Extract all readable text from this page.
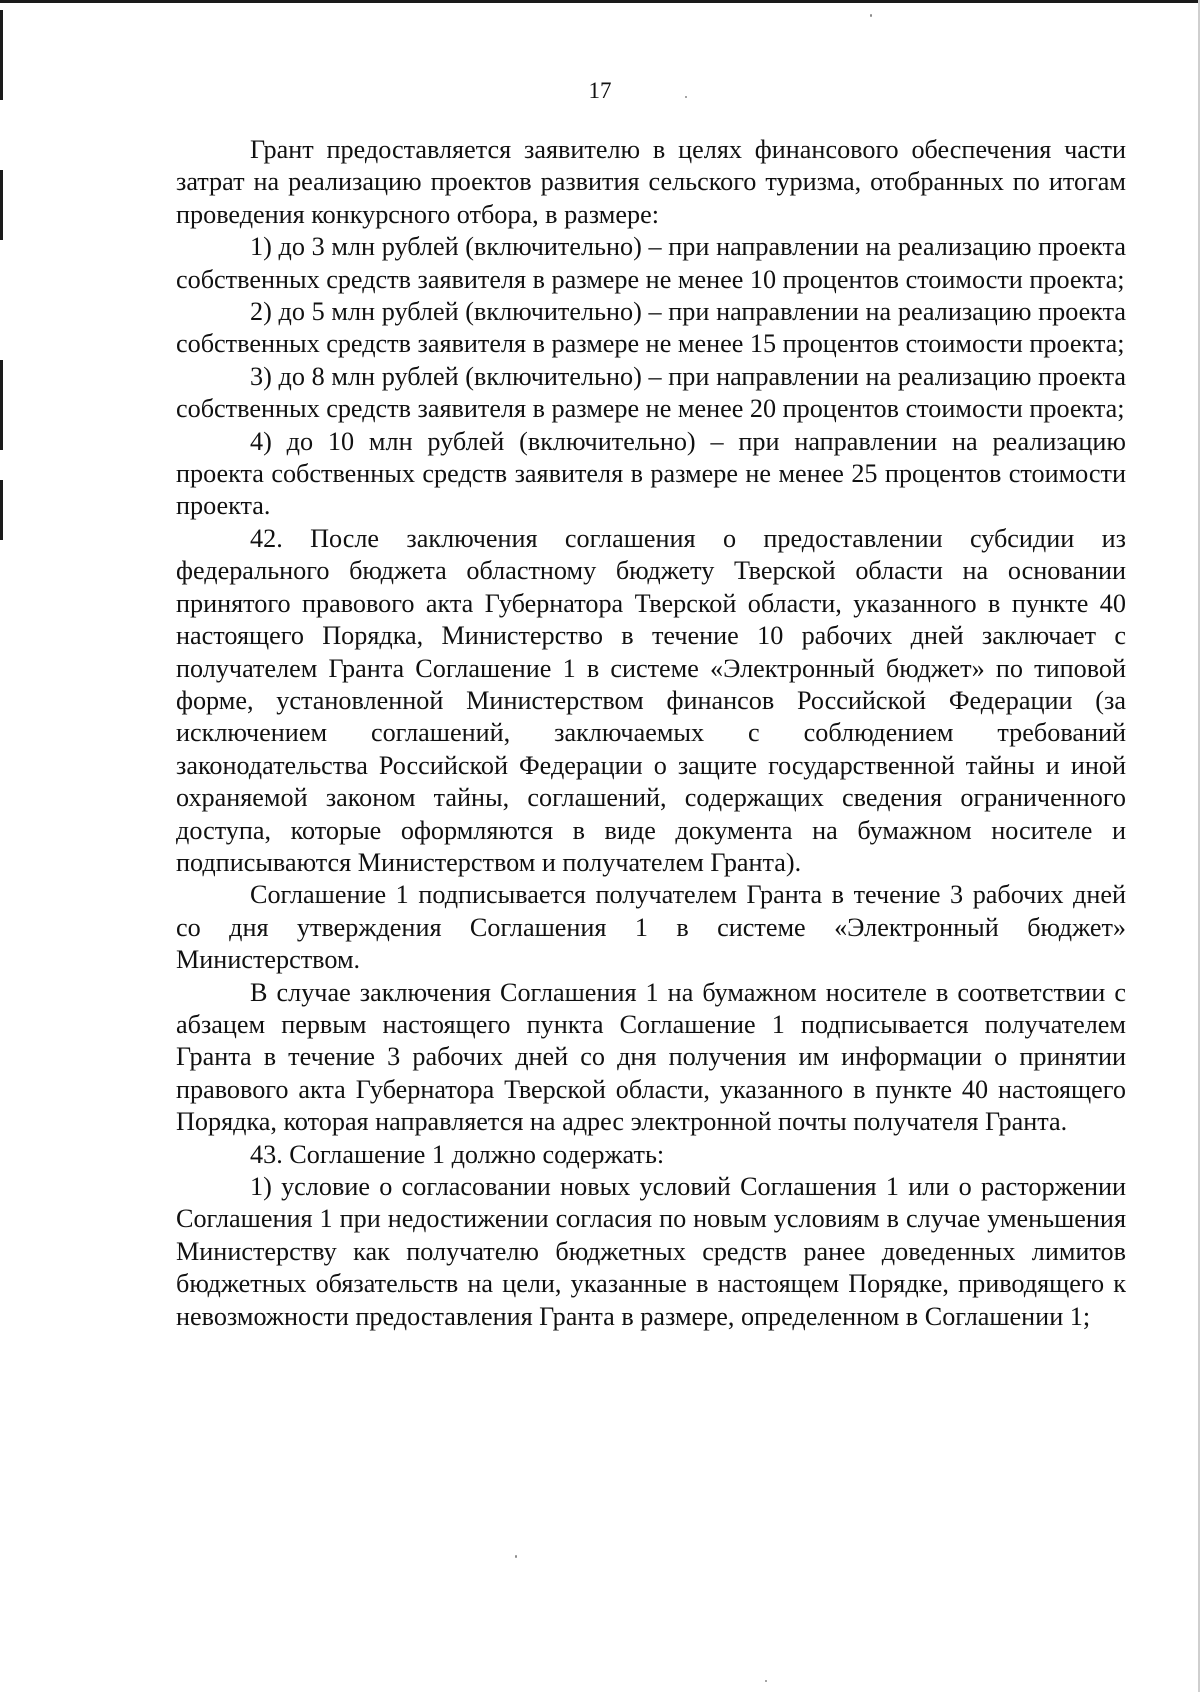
17

Грант предоставляется заявителю в целях финансового обеспечения части затрат на реализацию проектов развития сельского туризма, отобранных по итогам проведения конкурсного отбора, в размере:

1) до 3 млн рублей (включительно) – при направлении на реализацию проекта собственных средств заявителя в размере не менее 10 процентов стоимости проекта;

2) до 5 млн рублей (включительно) – при направлении на реализацию проекта собственных средств заявителя в размере не менее 15 процентов стоимости проекта;

3) до 8 млн рублей (включительно) – при направлении на реализацию проекта собственных средств заявителя в размере не менее 20 процентов стоимости проекта;

4) до 10 млн рублей (включительно) – при направлении на реализацию проекта собственных средств заявителя в размере не менее 25 процентов стоимости проекта.

42. После заключения соглашения о предоставлении субсидии из федерального бюджета областному бюджету Тверской области на основании принятого правового акта Губернатора Тверской области, указанного в пункте 40 настоящего Порядка, Министерство в течение 10 рабочих дней заключает с получателем Гранта Соглашение 1 в системе «Электронный бюджет» по типовой форме, установленной Министерством финансов Российской Федерации (за исключением соглашений, заключаемых с соблюдением требований законодательства Российской Федерации о защите государственной тайны и иной охраняемой законом тайны, соглашений, содержащих сведения ограниченного доступа, которые оформляются в виде документа на бумажном носителе и подписываются Министерством и получателем Гранта).

Соглашение 1 подписывается получателем Гранта в течение 3 рабочих дней со дня утверждения Соглашения 1 в системе «Электронный бюджет» Министерством.

В случае заключения Соглашения 1 на бумажном носителе в соответствии с абзацем первым настоящего пункта Соглашение 1 подписывается получателем Гранта в течение 3 рабочих дней со дня получения им информации о принятии правового акта Губернатора Тверской области, указанного в пункте 40 настоящего Порядка, которая направляется на адрес электронной почты получателя Гранта.

43. Соглашение 1 должно содержать:

1) условие о согласовании новых условий Соглашения 1 или о расторжении Соглашения 1 при недостижении согласия по новым условиям в случае уменьшения Министерству как получателю бюджетных средств ранее доведенных лимитов бюджетных обязательств на цели, указанные в настоящем Порядке, приводящего к невозможности предоставления Гранта в размере, определенном в Соглашении 1;
